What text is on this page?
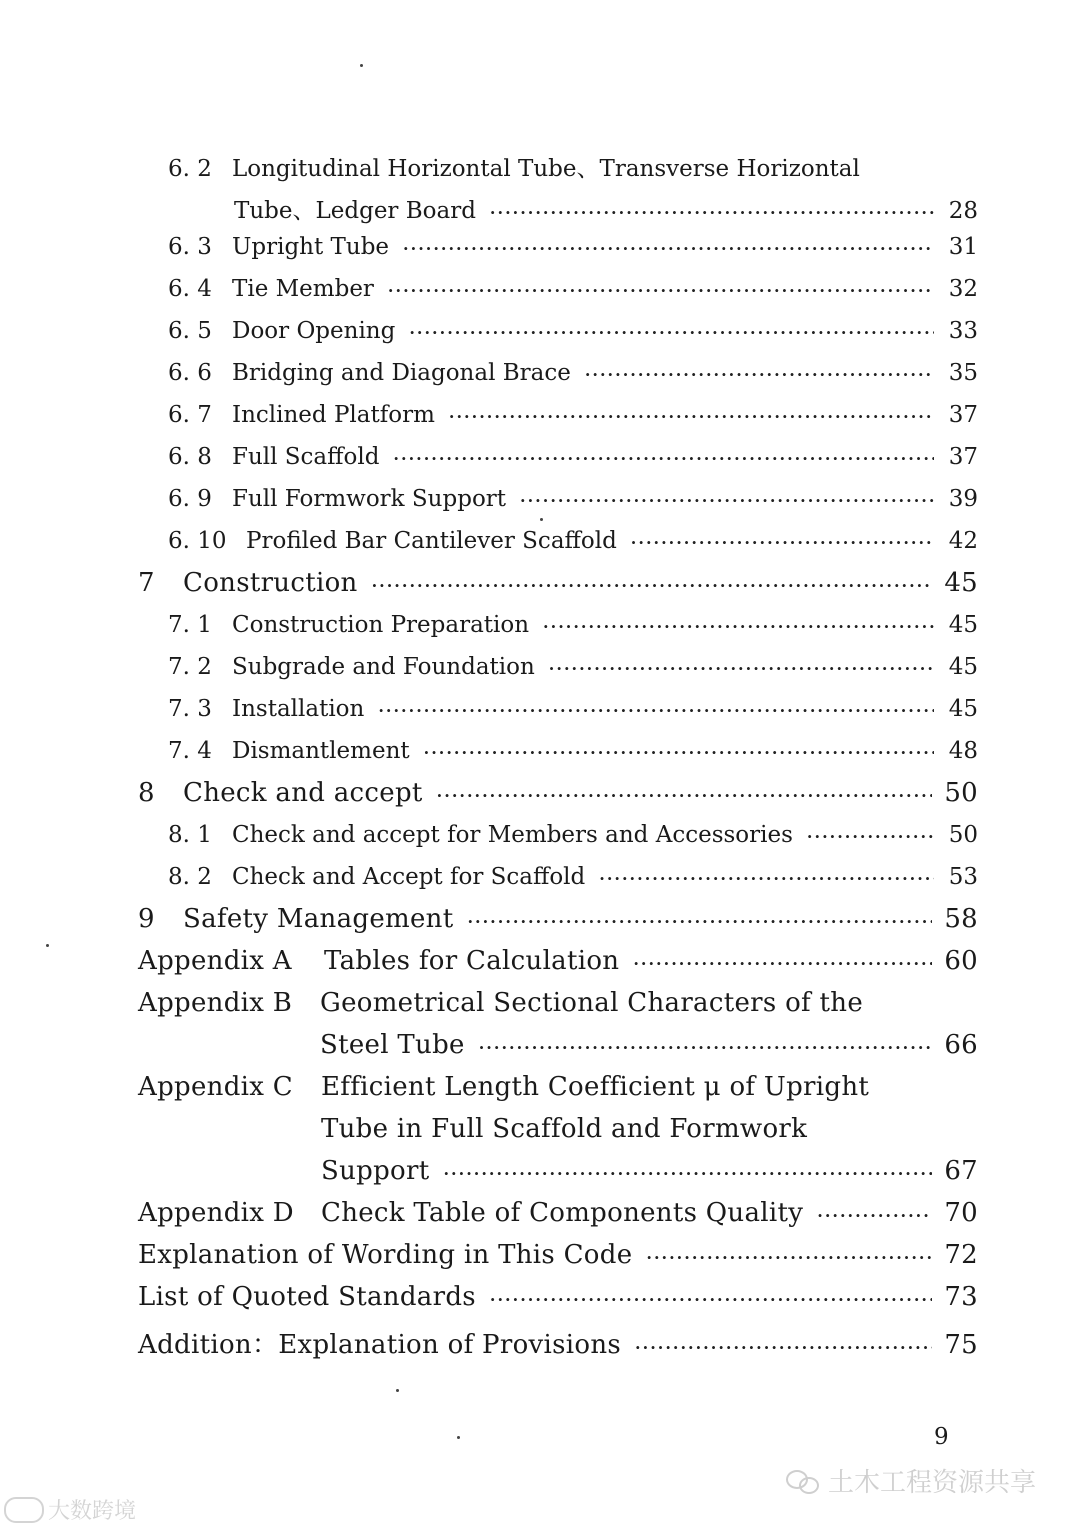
6. 2 Longitudinal Horizontal Tube、Transverse Horizontal
Tube、Ledger Board ·····	28
6. 3 Upright Tube ·····	31
6. 4 Tie Member ·····	32
6. 5 Door Opening ·····	33
6. 6 Bridging and Diagonal Brace ·····	35
6. 7 Inclined Platform ·····	37
6. 8 Full Scaffold ·····	37
6. 9 Full Formwork Support ·····	39
6. 10 Profiled Bar Cantilever Scaffold ·····	42
7	Construction ·····	45
7. 1 Construction Preparation ·····	45
7. 2 Subgrade and Foundation ·····	45
7. 3 Installation ·····	45
7. 4 Dismantlement ·····	48
8	Check and accept ·····	50
8. 1 Check and accept for Members and Accessories ·····	50
8. 2 Check and Accept for Scaffold ·····	53
9	Safety Management ·····	58
Appendix A	Tables for Calculation ·····	60
Appendix B	Geometrical Sectional Characters of the
Steel Tube ·····	66
Appendix C	Efficient Length Coefficient μ of Upright
Tube in Full Scaffold and Formwork
Support ·····	67
Appendix D	Check Table of Components Quality ·····	70
Explanation of Wording in This Code ·····	72
List of Quoted Standards ·····	73
Addition：Explanation of Provisions ·····	75
9
土木工程资源共享
大数跨境
